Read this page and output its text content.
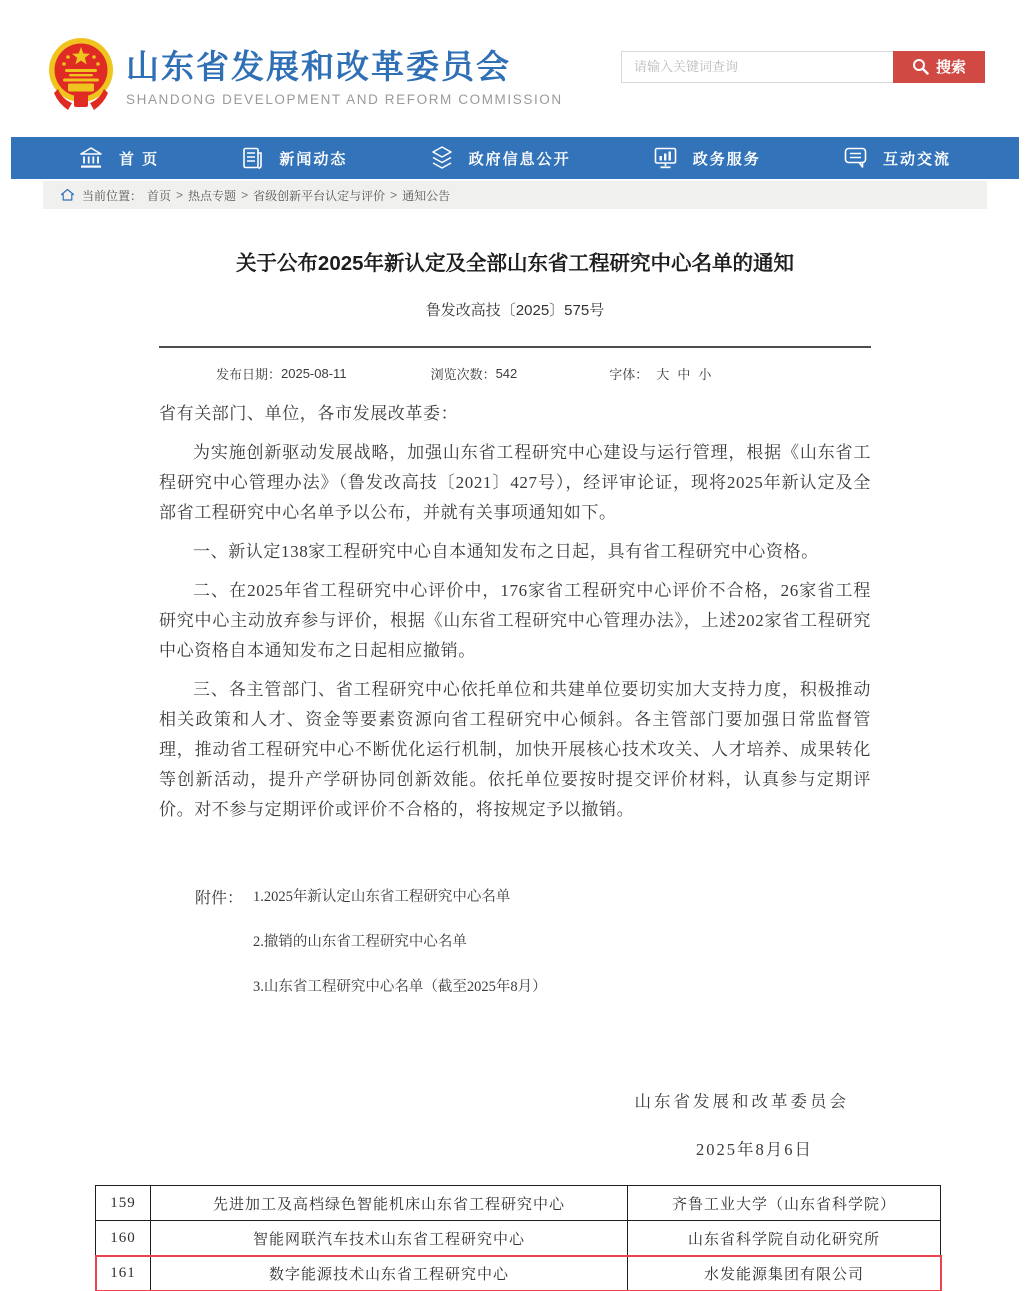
山东省发展和改革委员会
SHANDONG DEVELOPMENT AND REFORM COMMISSION
请输入关键词查询
搜索
首 页	新闻动态	政府信息公开	政务服务	互动交流
当前位置： 首页 > 热点专题 > 省级创新平台认定与评价 > 通知公告
关于公布2025年新认定及全部山东省工程研究中心名单的通知
鲁发改高技〔2025〕575号
发布日期： 2025-08-11	浏览次数： 542	字体： 大 中 小

省有关部门、单位，各市发展改革委：

为实施创新驱动发展战略，加强山东省工程研究中心建设与运行管理，根据《山东省工程研究中心管理办法》（鲁发改高技〔2021〕427号），经评审论证，现将2025年新认定及全部省工程研究中心名单予以公布，并就有关事项通知如下。

一、新认定138家工程研究中心自本通知发布之日起，具有省工程研究中心资格。

二、在2025年省工程研究中心评价中，176家省工程研究中心评价不合格，26家省工程研究中心主动放弃参与评价，根据《山东省工程研究中心管理办法》，上述202家省工程研究中心资格自本通知发布之日起相应撤销。

三、各主管部门、省工程研究中心依托单位和共建单位要切实加大支持力度，积极推动相关政策和人才、资金等要素资源向省工程研究中心倾斜。各主管部门要加强日常监督管理，推动省工程研究中心不断优化运行机制，加快开展核心技术攻关、人才培养、成果转化等创新活动，提升产学研协同创新效能。依托单位要按时提交评价材料，认真参与定期评价。对不参与定期评价或评价不合格的，将按规定予以撤销。

附件： 1.2025年新认定山东省工程研究中心名单
2.撤销的山东省工程研究中心名单
3.山东省工程研究中心名单（截至2025年8月）
山东省发展和改革委员会
2025年8月6日
159	先进加工及高档绿色智能机床山东省工程研究中心	齐鲁工业大学（山东省科学院）
160	智能网联汽车技术山东省工程研究中心	山东省科学院自动化研究所
161	数字能源技术山东省工程研究中心	水发能源集团有限公司
